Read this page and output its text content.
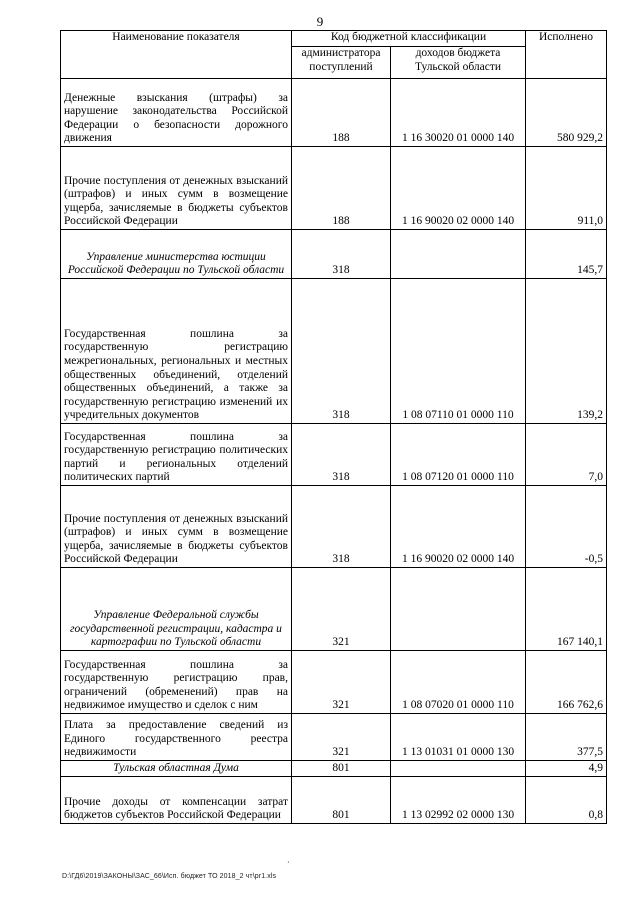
9
Наименование показателя	Код бюджетной классификации		Исполнено
	администратора поступлений	доходов бюджета Тульской области	
Денежные взыскания (штрафы) за нарушение законодательства Российской Федерации о безопасности дорожного движения	188	1 16 30020 01 0000 140	580 929,2
Прочие поступления от денежных взысканий (штрафов) и иных сумм в возмещение ущерба, зачисляемые в бюджеты субъектов Российской Федерации	188	1 16 90020 02 0000 140	911,0
Управление министерства юстиции Российской Федерации по Тульской области	318		145,7
Государственная пошлина за государственную регистрацию межрегиональных, региональных и местных общественных объединений, отделений общественных объединений, а также за государственную регистрацию изменений их учредительных документов	318	1 08 07110 01 0000 110	139,2
Государственная пошлина за государственную регистрацию политических партий и региональных отделений политических партий	318	1 08 07120 01 0000 110	7,0
Прочие поступления от денежных взысканий (штрафов) и иных сумм в возмещение ущерба, зачисляемые в бюджеты субъектов Российской Федерации	318	1 16 90020 02 0000 140	-0,5
Управление Федеральной службы государственной регистрации, кадастра и картографии по Тульской области	321		167 140,1
Государственная пошлина за государственную регистрацию прав, ограничений (обременений) прав на недвижимое имущество и сделок с ним	321	1 08 07020 01 0000 110	166 762,6
Плата за предоставление сведений из Единого государственного реестра недвижимости	321	1 13 01031 01 0000 130	377,5
Тульская областная Дума	801		4,9
Прочие доходы от компенсации затрат бюджетов субъектов Российской Федерации	801	1 13 02992 02 0000 130	0,8
·
D:\ГД6\2019\ЗАКОНЫ\ЗАС_66\Исп. бюджет ТО 2018_2 чт\pr1.xls
